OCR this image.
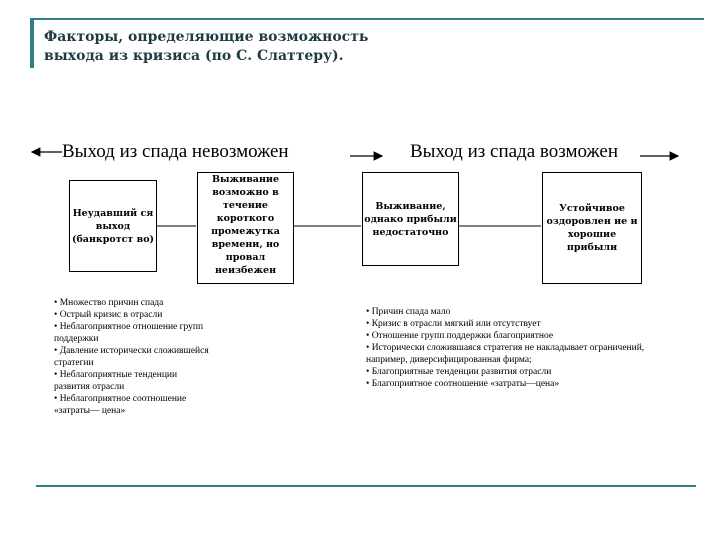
Факторы, определяющие возможность
выхода из кризиса (по С. Слаттеру).
Выход из спада невозможен	Выход из спада возможен
Неудавший ся выход (банкротст во)
Выживание возможно в течение короткого промежутка времени, но провал неизбежен
Выживание, однако прибыли недостаточно
Устойчивое оздоровлен ие и хорошие прибыли
• Множество причин спада
• Острый кризис в отрасли
• Неблагоприятное отношение групп поддержки
• Давление исторически сложившейся стратегии
• Неблагоприятные тенденции развития отрасли
• Неблагоприятное соотношение «затраты— цена»
• Причин спада мало
• Кризис в отрасли мягкий или отсутствует
• Отношение групп поддержки благоприятное
• Исторически сложившаяся стратегия не накладывает ограничений, например, диверсифицированная фирма;
• Благоприятные тенденции развития отрасли
• Благоприятное соотношение «затраты—цена»
